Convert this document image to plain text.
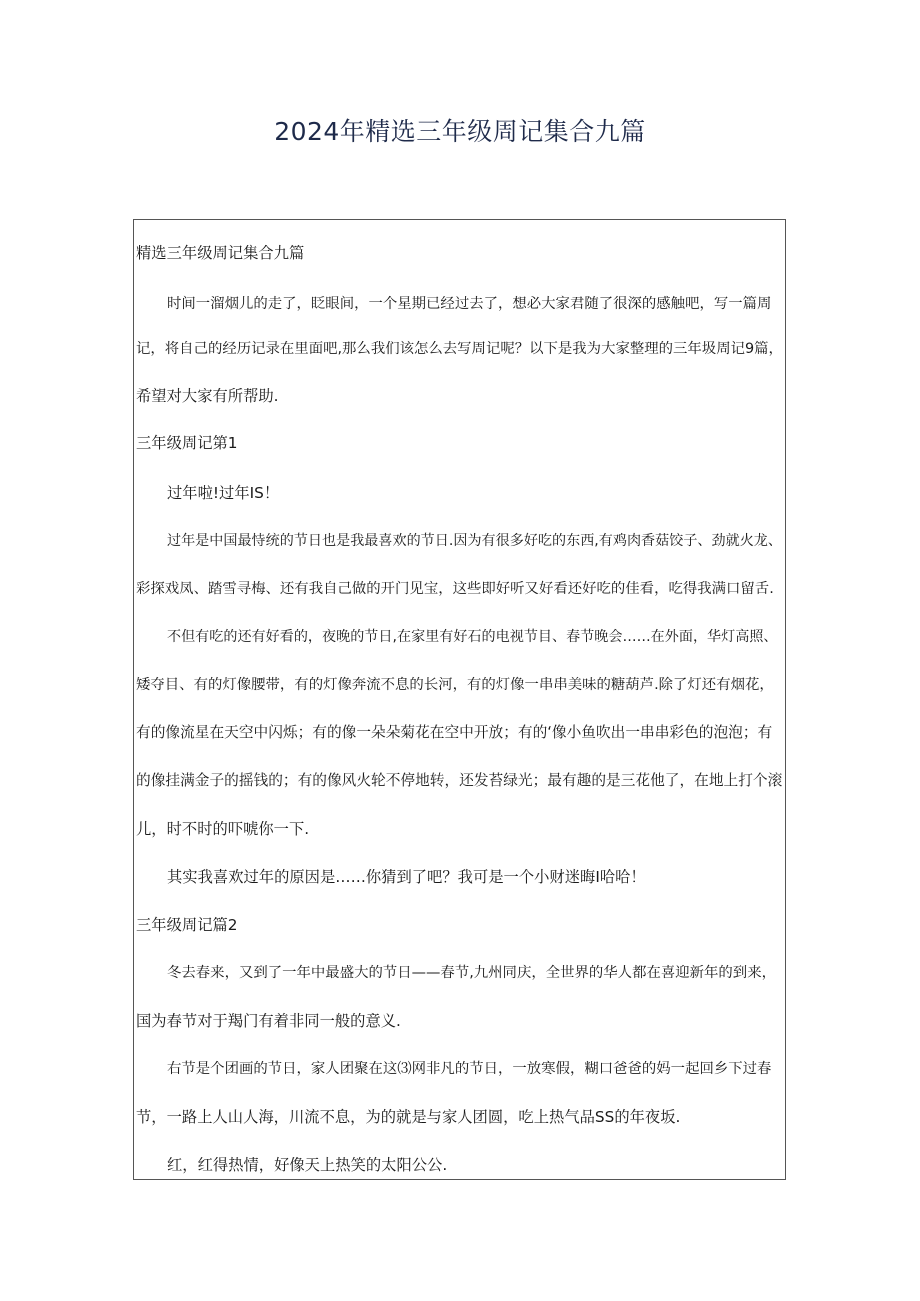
2024年精选三年级周记集合九篇
精选三年级周记集合九篇
时间一溜烟儿的走了，眨眼间，一个星期已经过去了，想必大家君随了很深的感触吧，写一篇周
记，将自己的经历记录在里面吧,那么我们该怎么去写周记呢？以下是我为大家整理的三年圾周记9篇，
希望对大家有所帮助.
三年级周记第1
过年啦!过年IS！
过年是中国最恃统的节日也是我最喜欢的节日.因为有很多好吃的东西,有鸡肉香菇饺子、劲就火龙、
彩探戏凤、踏雪寻梅、还有我自己做的开门见宝，这些即好听又好看还好吃的佳看，吃得我满口留舌.
不但有吃的还有好看的，夜晚的节日,在家里有好石的电视节目、春节晚会……在外面，华灯高照、
矮夺目、有的灯像腰带，有的灯像奔流不息的长河，有的灯像一串串美味的糖葫芦.除了灯还有烟花，
有的像流星在天空中闪烁；有的像一朵朵菊花在空中开放；有的‘像小鱼吹出一串串彩色的泡泡；有
的像挂满金子的摇钱的；有的像风火轮不停地转，还发苔绿光；最有趣的是三花他了，在地上打个滚
儿，时不时的吓唬你一下.
其实我喜欢过年的原因是……你猜到了吧？我可是一个小财迷晦I哈哈！
三年级周记篇2
冬去春来，又到了一年中最盛大的节日——春节,九州同庆，全世界的华人都在喜迎新年的到来，
国为春节对于羯门有着非同一般的意义.
右节是个团画的节日，家人团聚在这⑶网非凡的节日，一放寒假，糊口爸爸的妈一起回乡下过春
节，一路上人山人海，川流不息，为的就是与家人团圆，吃上热气品SS的年夜坂.
红，红得热情，好像天上热笑的太阳公公.
